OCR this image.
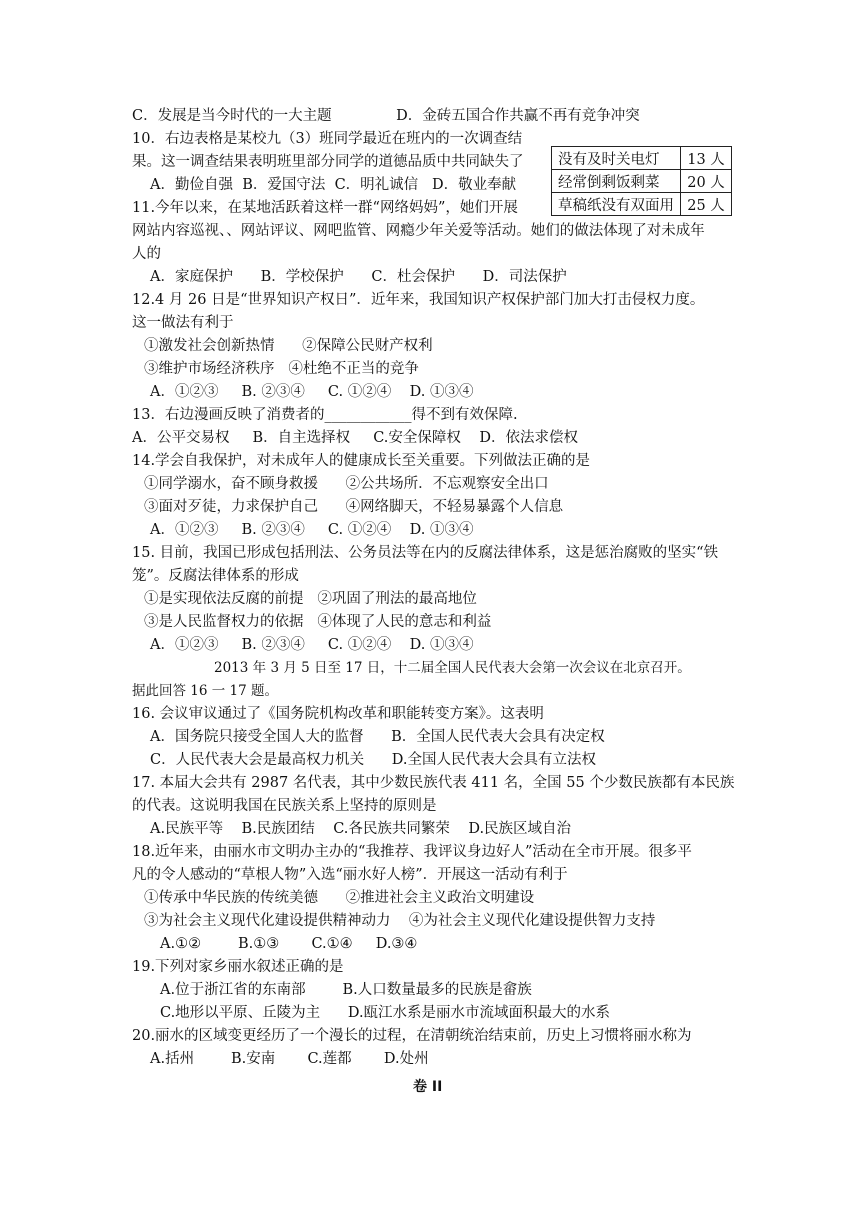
C．发展是当今时代的一大主题              D．金砖五国合作共赢不再有竞争冲突
10．右边表格是某校九（3）班同学最近在班内的一次调查结
果。这一调查结果表明班里部分同学的道德品质中共同缺失了
A．勤俭自强  B．爱国守法  C．明礼诚信   D．敬业奉献
11.今年以来，在某地活跃着这样一群“网络妈妈”，她们开展
网站内容巡视、、网站评议、网吧监管、网瘾少年关爱等活动。她们的做法体现了对未成年
人的
A．家庭保护      B．学校保护      C．杜会保护      D．司法保护
12.4 月 26 日是“世界知识产权日”．近年来，我国知识产权保护部门加大打击侵权力度。
这一做法有利于
①激发社会创新热情      ②保障公民财产权利
③维护市场经济秩序   ④杜绝不正当的竞争
A．①②③     B. ②③④     C. ①②④    D. ①③④
13．右边漫画反映了消费者的____________得不到有效保障.
A．公平交易权     B．自主选择权     C.安全保障权    D．依法求偿权
14.学会自我保护，对未成年人的健康成长至关重要。下列做法正确的是
①同学溺水，奋不顾身救援      ②公共场所．不忘观察安全出口
③面对歹徒，力求保护自己      ④网络脚天，不轻易暴露个人信息
A．①②③     B. ②③④     C. ①②④    D. ①③④
15. 目前，我国已形成包括刑法、公务员法等在内的反腐法律体系，这是惩治腐败的坚实“铁
笼”。反腐法律体系的形成
①是实现依法反腐的前提   ②巩固了刑法的最高地位
③是人民监督权力的依据   ④体现了人民的意志和利益
A．①②③     B. ②③④     C. ①②④    D. ①③④
2013 年 3 月 5 日至 17 日，十二届全国人民代表大会第一次会议在北京召开。
据此回答 16 一 17 题。
16. 会议审议通过了《国务院机构改革和职能转变方案》。这表明
A．国务院只接受全国人大的监督      B．全国人民代表大会具有决定权
C．人民代表大会是最高权力机关      D.全国人民代表大会具有立法权
17. 本届大会共有 2987 名代表，其中少数民族代表 411 名，全国 55 个少数民族都有本民族
的代表。这说明我国在民族关系上坚持的原则是
A.民族平等    B.民族团结    C.各民族共同繁荣    D.民族区域自治
18.近年来，由丽水市文明办主办的“我推荐、我评议身边好人”活动在全市开展。很多平
凡的令人感动的“草根人物”入选“丽水好人榜”．开展这一活动有利于
①传承中华民族的传统美德      ②推进社会主义政治文明建设
③为社会主义现代化建设提供精神动力    ④为社会主义现代化建设提供智力支持
A.①②        B.①③       C.①④     D.③④
19.下列对家乡丽水叙述正确的是
A.位于浙江省的东南部        B.人口数量最多的民族是畲族
C.地形以平原、丘陵为主      D.瓯江水系是丽水市流域面积最大的水系
20.丽水的区域变更经历了一个漫长的过程，在清朝统治结束前，历史上习惯将丽水称为
A.括州        B.安南       C.莲都       D.处州
没有及时关电灯	13 人
经常倒剩饭剩菜	20 人
草稿纸没有双面用	25 人
卷 II
